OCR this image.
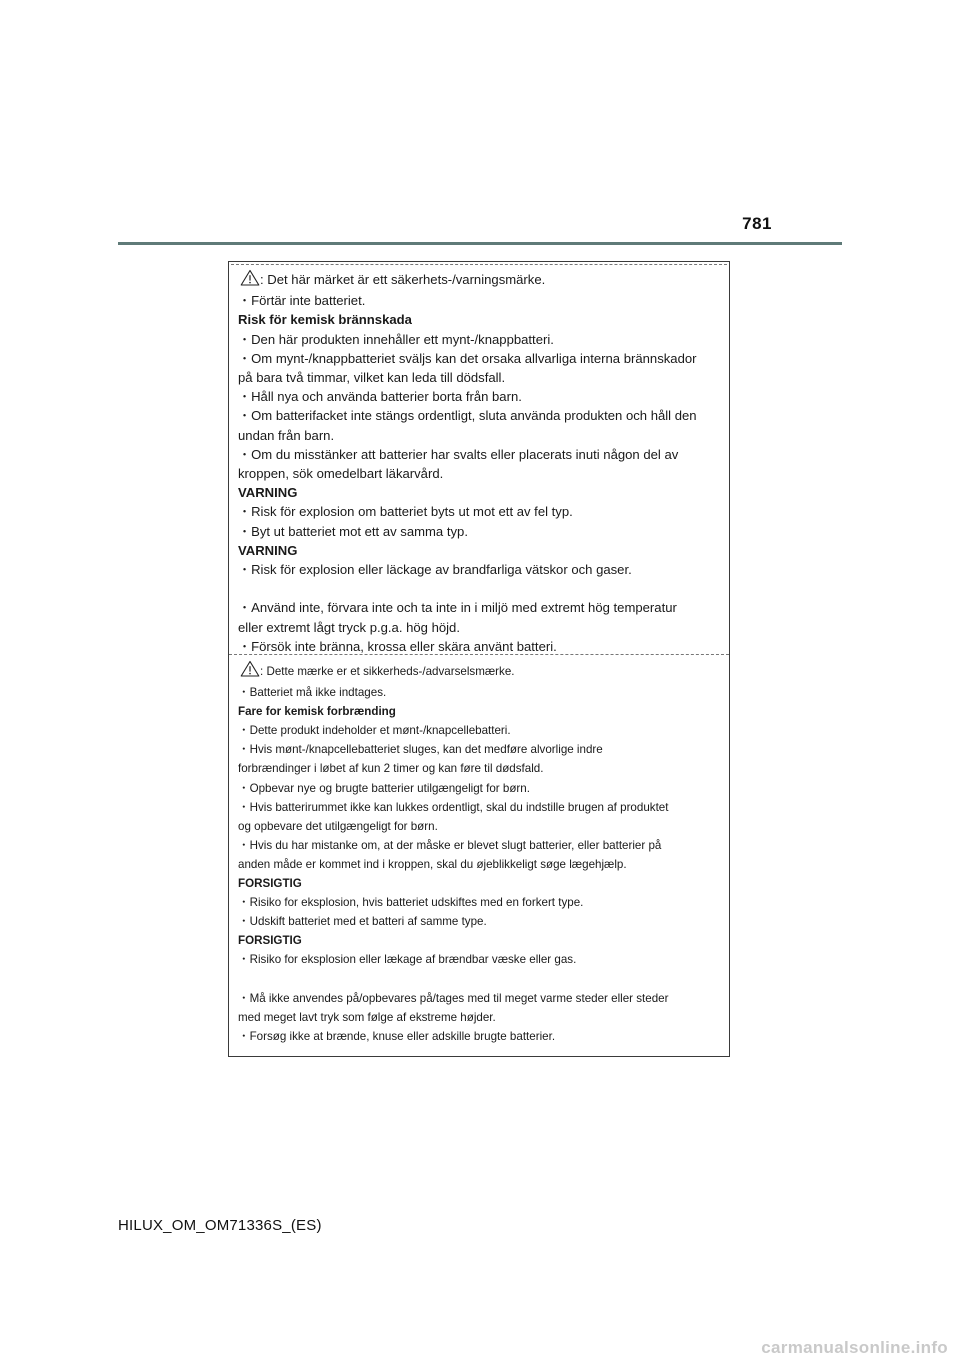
781
: Det här märket är ett säkerhets-/varningsmärke.
・Förtär inte batteriet.
Risk för kemisk brännskada
・Den här produkten innehåller ett mynt-/knappbatteri.
・Om mynt-/knappbatteriet sväljs kan det orsaka allvarliga interna brännskador
på bara två timmar, vilket kan leda till dödsfall.
・Håll nya och använda batterier borta från barn.
・Om batterifacket inte stängs ordentligt, sluta använda produkten och håll den
undan från barn.
・Om du misstänker att batterier har svalts eller placerats inuti någon del av
kroppen, sök omedelbart läkarvård.
VARNING
・Risk för explosion om batteriet byts ut mot ett av fel typ.
・Byt ut batteriet mot ett av samma typ.
VARNING
・Risk för explosion eller läckage av brandfarliga vätskor och gaser.
・Använd inte, förvara inte och ta inte in i miljö med extremt hög temperatur
eller extremt lågt tryck p.g.a. hög höjd.
・Försök inte bränna, krossa eller skära använt batteri.
: Dette mærke er et sikkerheds-/advarselsmærke.
・Batteriet må ikke indtages.
Fare for kemisk forbrænding
・Dette produkt indeholder et mønt-/knapcellebatteri.
・Hvis mønt-/knapcellebatteriet sluges, kan det medføre alvorlige indre
forbrændinger i løbet af kun 2 timer og kan føre til dødsfald.
・Opbevar nye og brugte batterier utilgængeligt for børn.
・Hvis batterirummet ikke kan lukkes ordentligt, skal du indstille brugen af produktet
og opbevare det utilgængeligt for børn.
・Hvis du har mistanke om, at der måske er blevet slugt batterier, eller batterier på
anden måde er kommet ind i kroppen, skal du øjeblikkeligt søge lægehjælp.
FORSIGTIG
・Risiko for eksplosion, hvis batteriet udskiftes med en forkert type.
・Udskift batteriet med et batteri af samme type.
FORSIGTIG
・Risiko for eksplosion eller lækage af brændbar væske eller gas.
・Må ikke anvendes på/opbevares på/tages med til meget varme steder eller steder
med meget lavt tryk som følge af ekstreme højder.
・Forsøg ikke at brænde, knuse eller adskille brugte batterier.
HILUX_OM_OM71336S_(ES)
carmanualsonline.info
